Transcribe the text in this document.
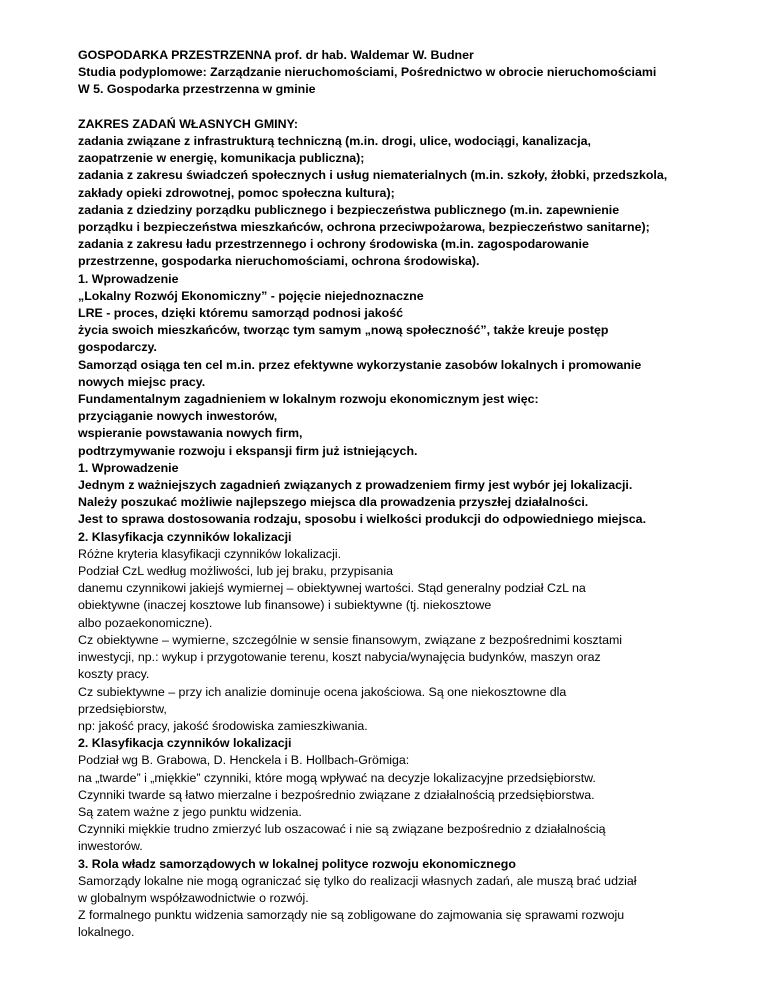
GOSPODARKA PRZESTRZENNA prof. dr hab. Waldemar W. Budner
Studia podyplomowe: Zarządzanie nieruchomościami, Pośrednictwo w obrocie nieruchomościami
W 5. Gospodarka przestrzenna w gminie
ZAKRES ZADAŃ WŁASNYCH GMINY:
zadania związane z infrastrukturą techniczną (m.in. drogi, ulice, wodociągi, kanalizacja,
zaopatrzenie w energię, komunikacja publiczna);
zadania z zakresu świadczeń społecznych i usług niematerialnych (m.in. szkoły, żłobki, przedszkola,
zakłady opieki zdrowotnej, pomoc społeczna kultura);
zadania z dziedziny porządku publicznego i bezpieczeństwa publicznego (m.in. zapewnienie
porządku i bezpieczeństwa mieszkańców, ochrona przeciwpożarowa, bezpieczeństwo sanitarne);
zadania z zakresu ładu przestrzennego i ochrony środowiska (m.in. zagospodarowanie
przestrzenne, gospodarka nieruchomościami, ochrona środowiska).
1. Wprowadzenie
„Lokalny Rozwój Ekonomiczny” - pojęcie niejednoznaczne
LRE - proces, dzięki któremu samorząd podnosi jakość
życia swoich mieszkańców, tworząc tym samym „nową społeczność”, także kreuje postęp
gospodarczy.
Samorząd osiąga ten cel m.in. przez efektywne wykorzystanie zasobów lokalnych i promowanie
nowych miejsc pracy.
Fundamentalnym zagadnieniem w lokalnym rozwoju ekonomicznym jest więc:
przyciąganie nowych inwestorów,
wspieranie powstawania nowych firm,
podtrzymywanie rozwoju i ekspansji firm już istniejących.
1. Wprowadzenie
Jednym z ważniejszych zagadnień związanych z prowadzeniem firmy jest wybór jej lokalizacji.
Należy poszukać możliwie najlepszego miejsca dla prowadzenia przyszłej działalności.
Jest to sprawa dostosowania rodzaju, sposobu i wielkości produkcji do odpowiedniego miejsca.
2. Klasyfikacja czynników lokalizacji
Różne kryteria klasyfikacji czynników lokalizacji.
Podział CzL według możliwości, lub jej braku, przypisania
danemu czynnikowi jakiejś wymiernej – obiektywnej wartości. Stąd generalny podział CzL na
obiektywne (inaczej kosztowe lub finansowe) i subiektywne (tj. niekosztowe
albo pozaekonomiczne).
Cz obiektywne – wymierne, szczególnie w sensie finansowym, związane z bezpośrednimi kosztami
inwestycji, np.: wykup i przygotowanie terenu, koszt nabycia/wynajęcia budynków, maszyn oraz
koszty pracy.
Cz subiektywne – przy ich analizie dominuje ocena jakościowa. Są one niekosztowne dla
przedsiębiorstw,
np: jakość pracy, jakość środowiska zamieszkiwania.
2. Klasyfikacja czynników lokalizacji
Podział wg B. Grabowa, D. Henckela i B. Hollbach-Grömiga:
na „twarde” i „miękkie” czynniki, które mogą wpływać na decyzje lokalizacyjne przedsiębiorstw.
Czynniki twarde są łatwo mierzalne i bezpośrednio związane z działalnością przedsiębiorstwa.
Są zatem ważne z jego punktu widzenia.
Czynniki miękkie trudno zmierzyć lub oszacować i nie są związane bezpośrednio z działalnością
inwestorów.
3. Rola władz samorządowych w lokalnej polityce rozwoju ekonomicznego
Samorządy lokalne nie mogą ograniczać się tylko do realizacji własnych zadań, ale muszą brać udział
w globalnym współzawodnictwie o rozwój.
Z formalnego punktu widzenia samorządy nie są zobligowane do zajmowania się sprawami rozwoju
lokalnego.
